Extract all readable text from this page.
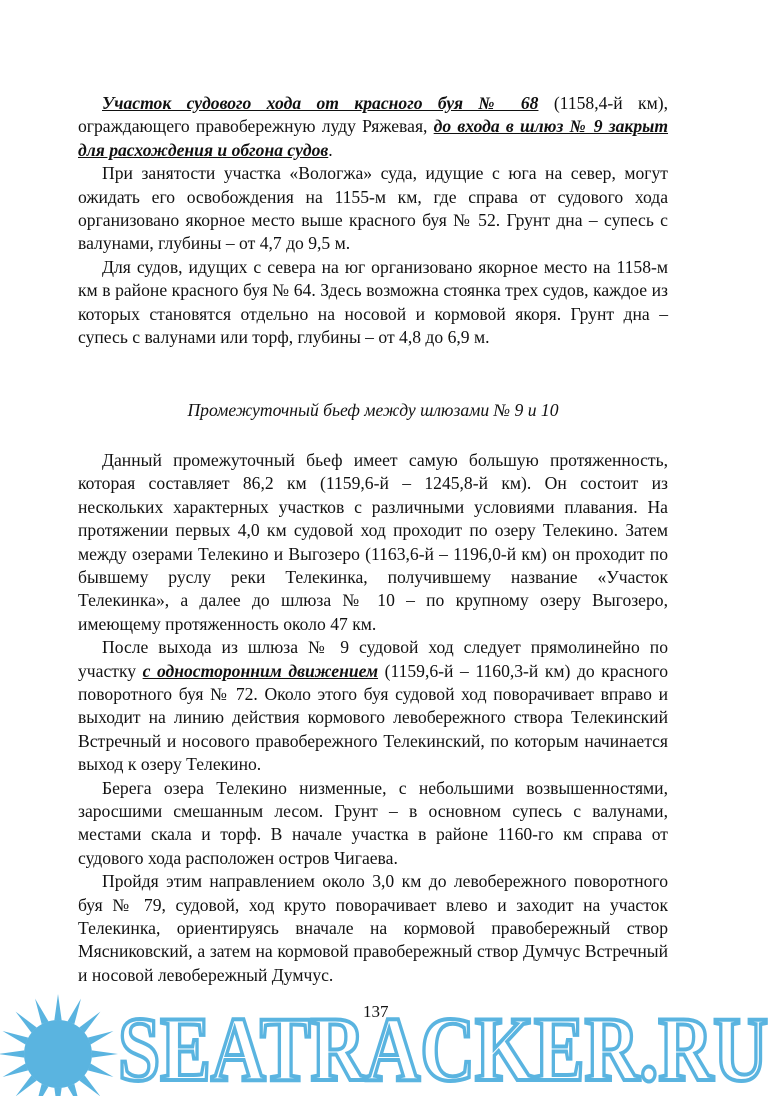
Участок судового хода от красного буя № 68 (1158,4-й км), ограждающего правобережную луду Ряжевая, до входа в шлюз № 9 закрыт для расхождения и обгона судов.

При занятости участка «Вологжа» суда, идущие с юга на север, могут ожидать его освобождения на 1155-м км, где справа от судового хода организовано якорное место выше красного буя № 52. Грунт дна – супесь с валунами, глубины – от 4,7 до 9,5 м.

Для судов, идущих с севера на юг организовано якорное место на 1158-м км в районе красного буя № 64. Здесь возможна стоянка трех судов, каждое из которых становятся отдельно на носовой и кормовой якоря. Грунт дна – супесь с валунами или торф, глубины – от 4,8 до 6,9 м.

Промежуточный бьеф между шлюзами № 9 и 10

Данный промежуточный бьеф имеет самую большую протяженность, которая составляет 86,2 км (1159,6-й – 1245,8-й км). Он состоит из нескольких характерных участков с различными условиями плавания. На протяжении первых 4,0 км судовой ход проходит по озеру Телекино. Затем между озерами Телекино и Выгозеро (1163,6-й – 1196,0-й км) он проходит по бывшему руслу реки Телекинка, получившему название «Участок Телекинка», а далее до шлюза № 10 – по крупному озеру Выгозеро, имеющему протяженность около 47 км.

После выхода из шлюза № 9 судовой ход следует прямолинейно по участку с односторонним движением (1159,6-й – 1160,3-й км) до красного поворотного буя № 72. Около этого буя судовой ход поворачивает вправо и выходит на линию действия кормового левобережного створа Телекинский Встречный и носового правобережного Телекинский, по которым начинается выход к озеру Телекино.

Берега озера Телекино низменные, с небольшими возвышенностями, заросшими смешанным лесом. Грунт – в основном супесь с валунами, местами скала и торф. В начале участка в районе 1160-го км справа от судового хода расположен остров Чигаева.

Пройдя этим направлением около 3,0 км до левобережного поворотного буя № 79, судовой, ход круто поворачивает влево и заходит на участок Телекинка, ориентируясь вначале на кормовой правобережный створ Мясниковский, а затем на кормовой правобережный створ Думчус Встречный и носовой левобережный Думчус.

SEATRACKER.RU
137
